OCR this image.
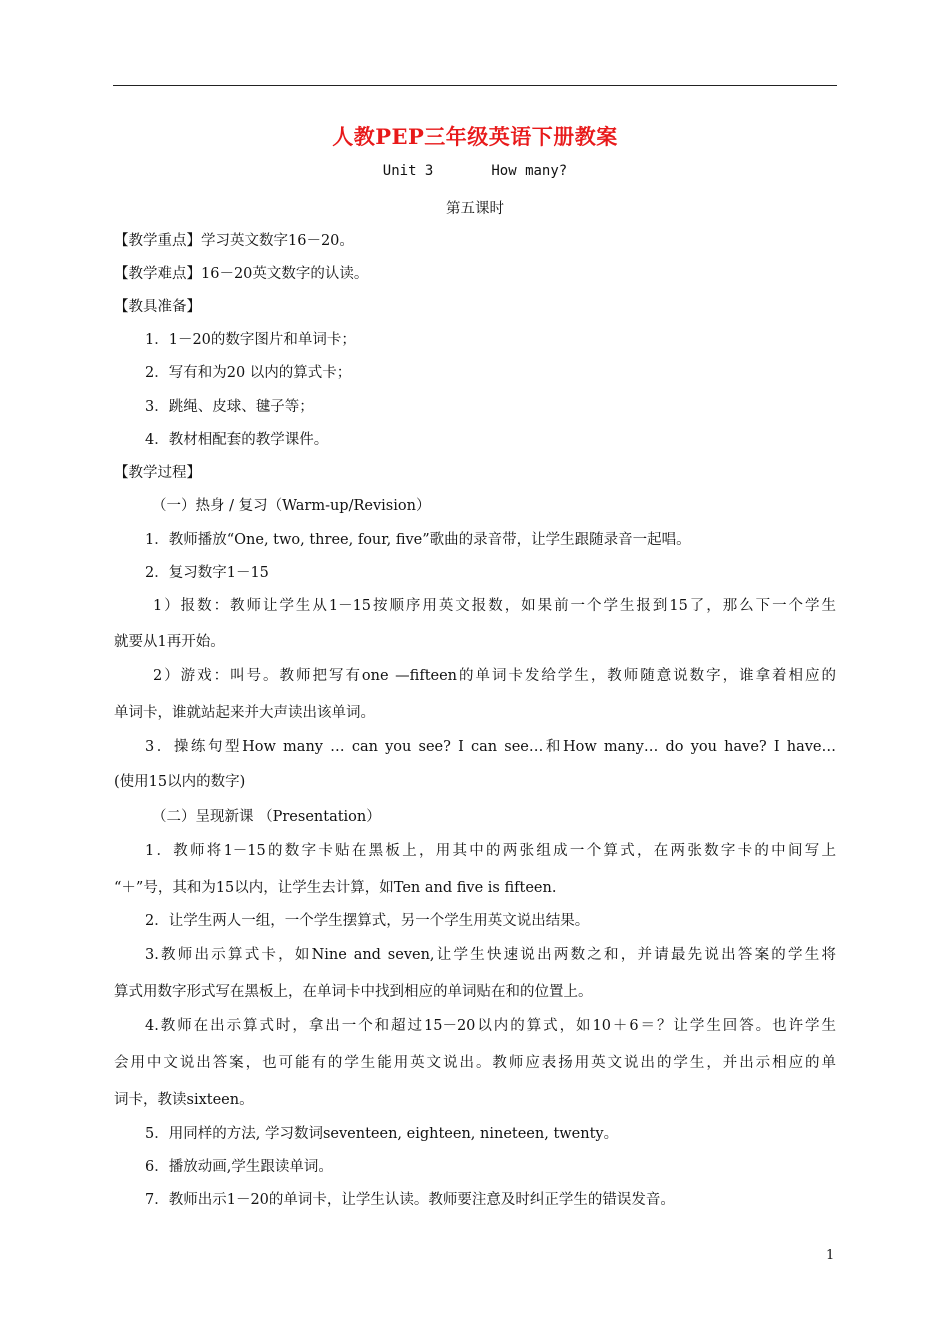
人教PEP三年级英语下册教案
Unit 3	How many?
第五课时
【教学重点】学习英文数字16－20。
【教学难点】16－20英文数字的认读。
【教具准备】
1．1－20的数字图片和单词卡；
2．写有和为20 以内的算式卡；
3．跳绳、皮球、毽子等；
4．教材相配套的教学课件。
【教学过程】
（一）热身 / 复习（Warm-up/Revision）
1．教师播放“One, two, three, four, five”歌曲的录音带，让学生跟随录音一起唱。
2．复习数字1－15
1）报数：教师让学生从1－15按顺序用英文报数，如果前一个学生报到15了，那么下一个学生
就要从1再开始。
2）游戏：叫号。教师把写有one —fifteen的单词卡发给学生，教师随意说数字，谁拿着相应的
单词卡，谁就站起来并大声读出该单词。
3．操练句型How many … can you see? I can see…和How many… do you have? I have…
(使用15以内的数字)
（二）呈现新课 （Presentation）
1．教师将1－15的数字卡贴在黑板上，用其中的两张组成一个算式，在两张数字卡的中间写上
“＋”号，其和为15以内，让学生去计算，如Ten and five is fifteen.
2．让学生两人一组，一个学生摆算式，另一个学生用英文说出结果。
3.教师出示算式卡，如Nine and seven,让学生快速说出两数之和，并请最先说出答案的学生将
算式用数字形式写在黑板上，在单词卡中找到相应的单词贴在和的位置上。
4.教师在出示算式时，拿出一个和超过15－20以内的算式，如10＋6＝？让学生回答。也许学生
会用中文说出答案，也可能有的学生能用英文说出。教师应表扬用英文说出的学生，并出示相应的单
词卡，教读sixteen。
5．用同样的方法, 学习数词seventeen, eighteen, nineteen, twenty。
6．播放动画,学生跟读单词。
7．教师出示1－20的单词卡，让学生认读。教师要注意及时纠正学生的错误发音。
1
